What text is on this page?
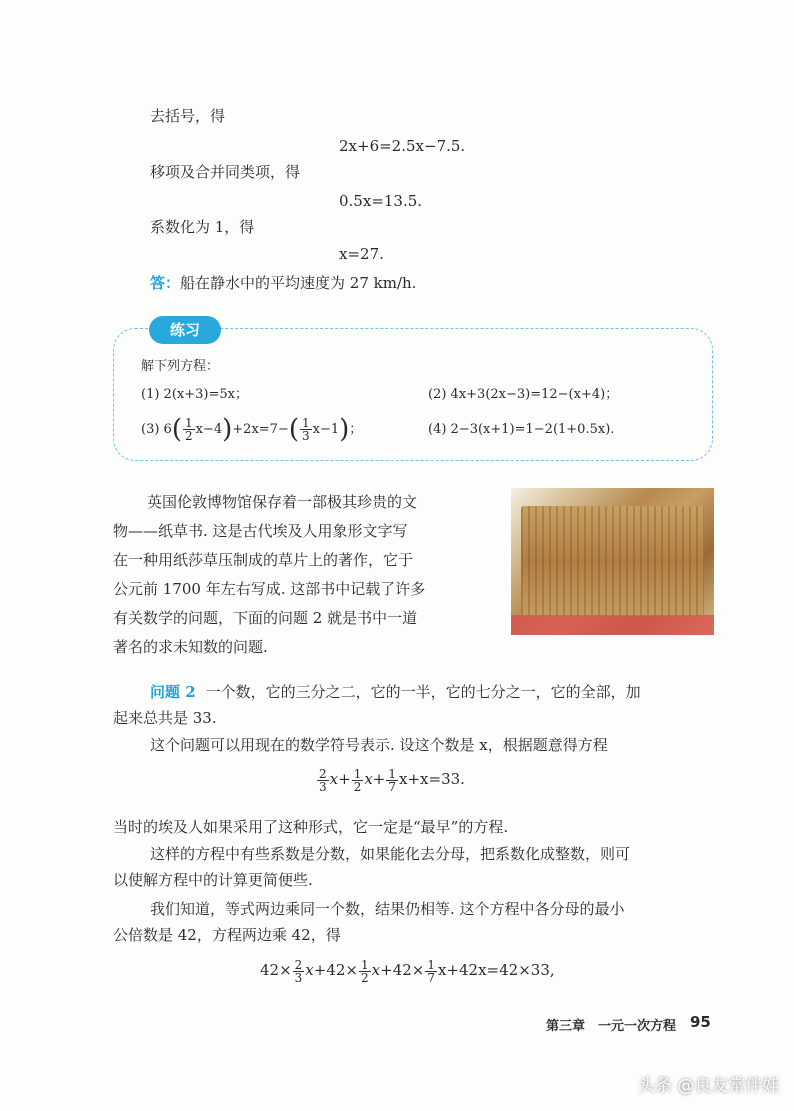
去括号，得
2x+6=2.5x−7.5.
移项及合并同类项，得
0.5x=13.5.
系数化为 1，得
x=27.
答：船在静水中的平均速度为 27 km/h.
练习
解下列方程：
(1) 2(x+3)=5x；	(2) 4x+3(2x−3)=12−(x+4)；
(3) $6( \frac{1}{2} x-4)+2x=7-( \frac{1}{3} x-1)$；	(4) 2−3(x+1)=1−2(1+0.5x).
英国伦敦博物馆保存着一部极其珍贵的文
物——纸草书. 这是古代埃及人用象形文字写
在一种用纸莎草压制成的草片上的著作，它于
公元前 1700 年左右写成. 这部书中记载了许多
有关数学的问题，下面的问题 2 就是书中一道
著名的求未知数的问题.
问题 2 一个数，它的三分之二，它的一半，它的七分之一，它的全部，加
起来总共是 33.
这个问题可以用现在的数学符号表示. 设这个数是 x，根据题意得方程
$\frac{2}{3} x+ \frac{1}{2} x+ \frac{1}{7} x+x=33$.
当时的埃及人如果采用了这种形式，它一定是“最早”的方程.
这样的方程中有些系数是分数，如果能化去分母，把系数化成整数，则可
以使解方程中的计算更简便些.
我们知道，等式两边乘同一个数，结果仍相等. 这个方程中各分母的最小
公倍数是 42，方程两边乘 42，得
$42\times \frac{2}{3} x+42\times \frac{1}{2} x+42\times \frac{1}{7} x+42x=42\times 33$,
第三章　一元一次方程 95
头条 @良友常伴娃
